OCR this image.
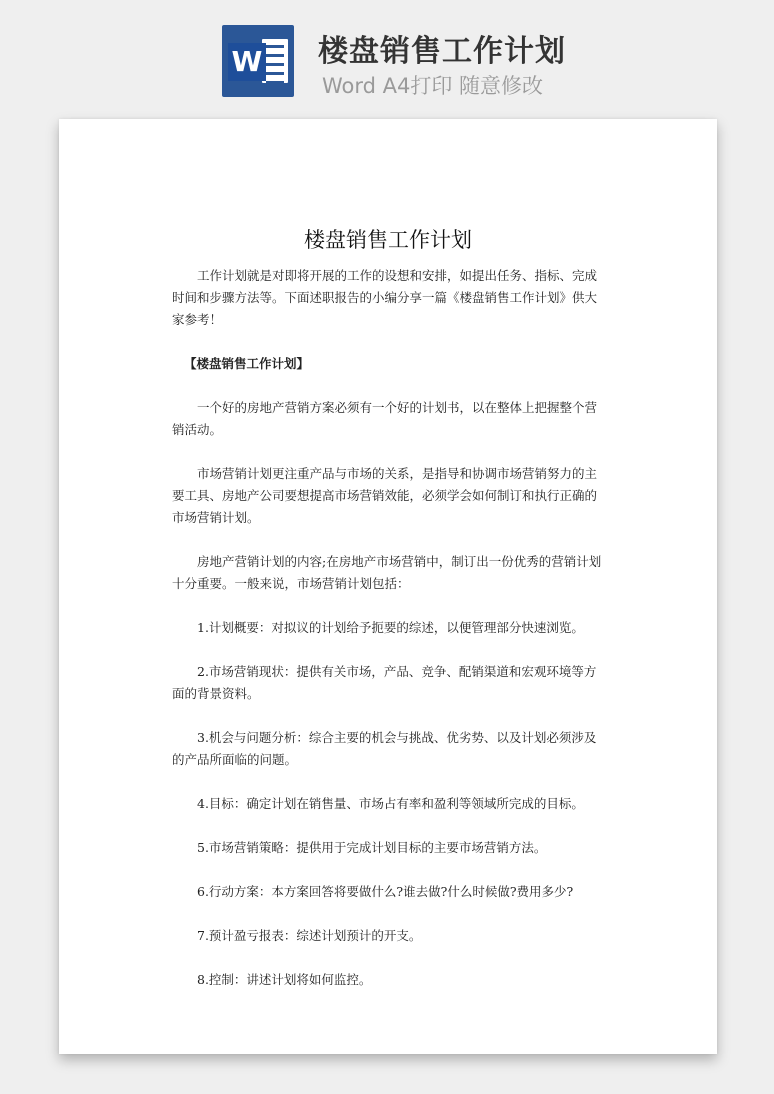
W 楼盘销售工作计划
Word A4打印 随意修改
楼盘销售工作计划

工作计划就是对即将开展的工作的设想和安排，如提出任务、指标、完成时间和步骤方法等。下面述职报告的小编分享一篇《楼盘销售工作计划》供大家参考！

【楼盘销售工作计划】

一个好的房地产营销方案必须有一个好的计划书，以在整体上把握整个营销活动。

市场营销计划更注重产品与市场的关系，是指导和协调市场营销努力的主要工具、房地产公司要想提高市场营销效能，必须学会如何制订和执行正确的市场营销计划。

房地产营销计划的内容;在房地产市场营销中，制订出一份优秀的营销计划十分重要。一般来说，市场营销计划包括：

1.计划概要：对拟议的计划给予扼要的综述，以便管理部分快速浏览。

2.市场营销现状：提供有关市场，产品、竞争、配销渠道和宏观环境等方面的背景资料。

3.机会与问题分析：综合主要的机会与挑战、优劣势、以及计划必须涉及的产品所面临的问题。

4.目标：确定计划在销售量、市场占有率和盈利等领域所完成的目标。

5.市场营销策略：提供用于完成计划目标的主要市场营销方法。

6.行动方案：本方案回答将要做什么?谁去做?什么时候做?费用多少?

7.预计盈亏报表：综述计划预计的开支。

8.控制：讲述计划将如何监控。
